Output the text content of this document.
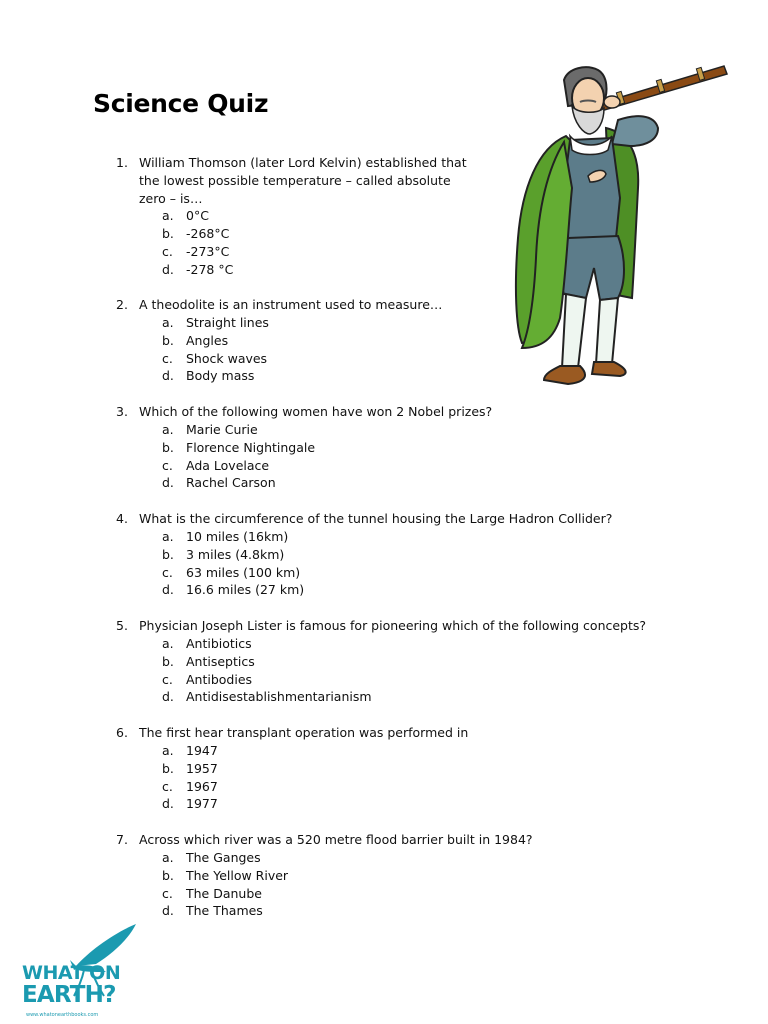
Science Quiz
1. William Thomson (later Lord Kelvin) established that the lowest possible temperature – called absolute zero – is…
a. 0°C
b. -268°C
c. -273°C
d. -278 °C
2. A theodolite is an instrument used to measure…
a. Straight lines
b. Angles
c. Shock waves
d. Body mass
3. Which of the following women have won 2 Nobel prizes?
a. Marie Curie
b. Florence Nightingale
c. Ada Lovelace
d. Rachel Carson
4. What is the circumference of the tunnel housing the Large Hadron Collider?
a. 10 miles (16km)
b. 3 miles (4.8km)
c. 63 miles (100 km)
d. 16.6 miles (27 km)
5. Physician Joseph Lister is famous for pioneering which of the following concepts?
a. Antibiotics
b. Antiseptics
c. Antibodies
d. Antidisestablishmentarianism
6. The first hear transplant operation was performed in
a. 1947
b. 1957
c. 1967
d. 1977
7. Across which river was a 520 metre flood barrier built in 1984?
a. The Ganges
b. The Yellow River
c. The Danube
d. The Thames
WHAT ON
EARTH?
www.whatonearthbooks.com
